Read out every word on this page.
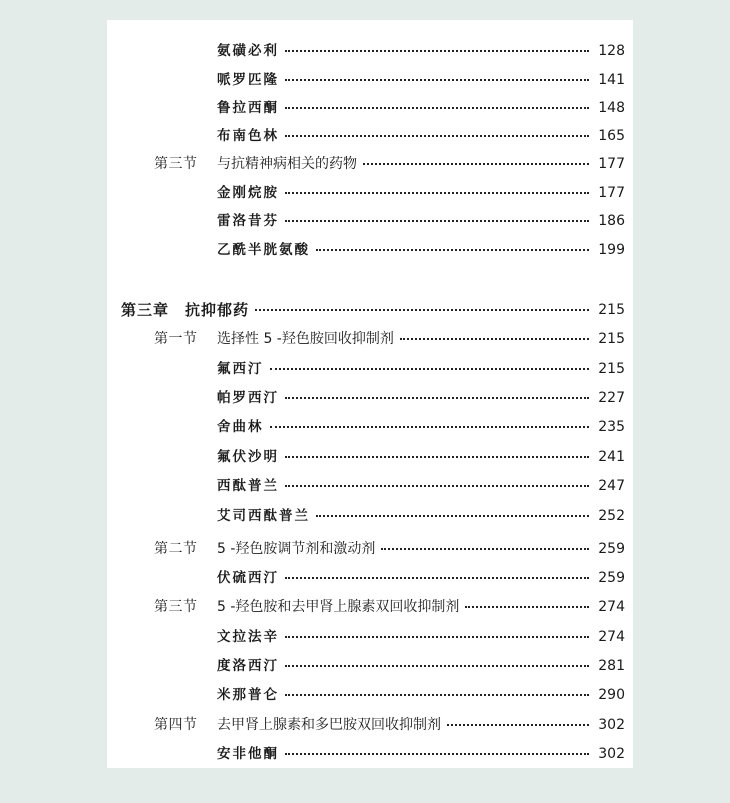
氨磺必利	128
哌罗匹隆	141
鲁拉西酮	148
布南色林	165
第三节 与抗精神病相关的药物	177
金刚烷胺	177
雷洛昔芬	186
乙酰半胱氨酸	199
第三章　抗抑郁药	215
第一节 选择性 5 -羟色胺回收抑制剂	215
氟西汀	215
帕罗西汀	227
舍曲林	235
氟伏沙明	241
西酞普兰	247
艾司西酞普兰	252
第二节 5 -羟色胺调节剂和激动剂	259
伏硫西汀	259
第三节 5 -羟色胺和去甲肾上腺素双回收抑制剂	274
文拉法辛	274
度洛西汀	281
米那普仑	290
第四节 去甲肾上腺素和多巴胺双回收抑制剂	302
安非他酮	302
